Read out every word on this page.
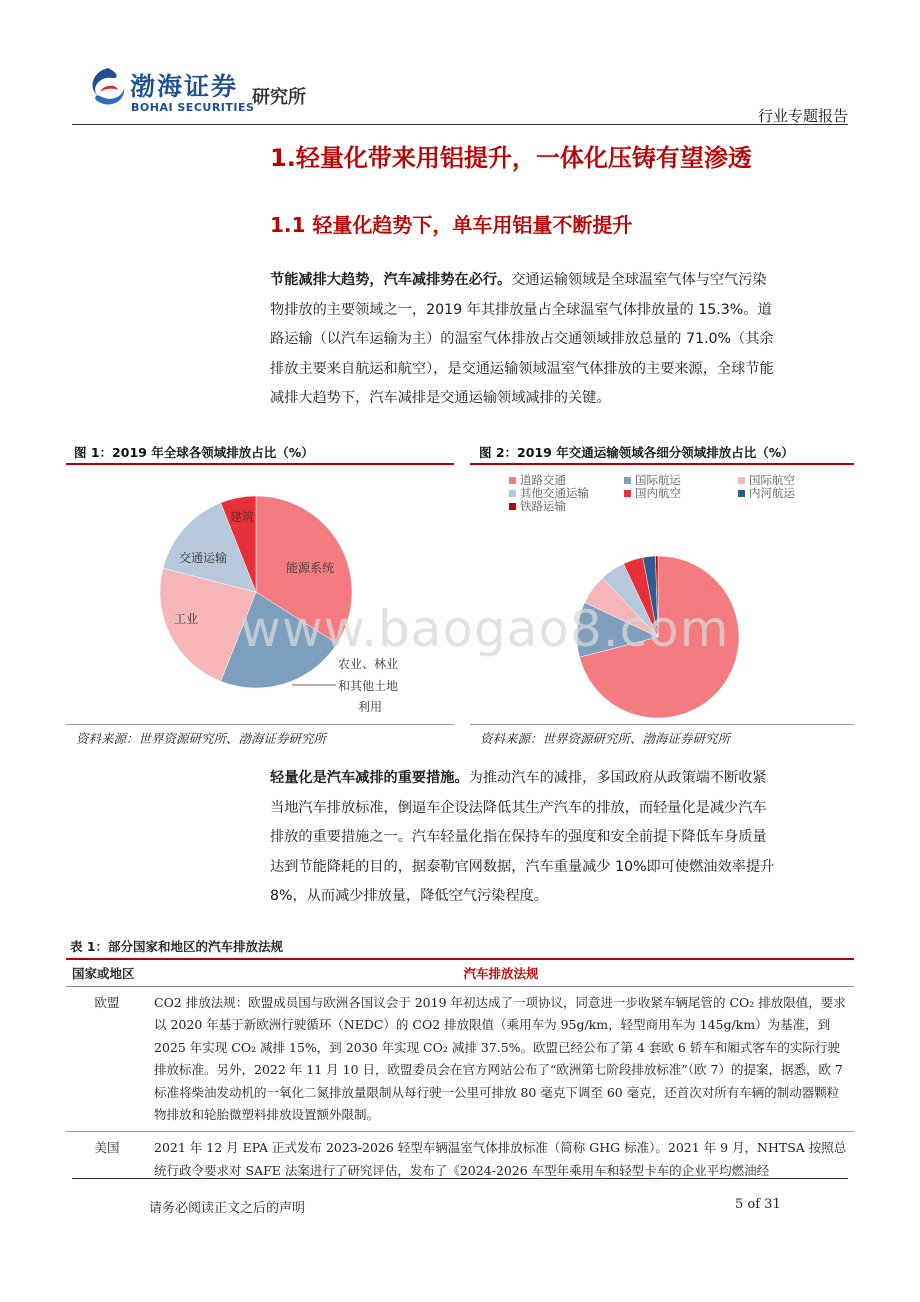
渤海证券
BOHAI SECURITIES
研究所
行业专题报告
1.轻量化带来用铝提升，一体化压铸有望渗透
1.1 轻量化趋势下，单车用铝量不断提升
节能减排大趋势，汽车减排势在必行。交通运输领域是全球温室气体与空气污染
物排放的主要领域之一，2019 年其排放量占全球温室气体排放量的 15.3%。道
路运输（以汽车运输为主）的温室气体排放占交通领域排放总量的 71.0%（其余
排放主要来自航运和航空），是交通运输领域温室气体排放的主要来源，全球节能
减排大趋势下，汽车减排是交通运输领域减排的关键。
图 1：2019 年全球各领域排放占比（%）
能源系统
农业、林业
和其他土地
利用
工业
交通运输
建筑
资料来源：世界资源研究所、渤海证券研究所
图 2：2019 年交通运输领域各细分领域排放占比（%）
道路交通	国际航运	国际航空
其他交通运输	国内航空	内河航运
铁路运输
资料来源：世界资源研究所、渤海证券研究所
www.baogao8.com
轻量化是汽车减排的重要措施。为推动汽车的减排，多国政府从政策端不断收紧
当地汽车排放标准，倒逼车企设法降低其生产汽车的排放，而轻量化是减少汽车
排放的重要措施之一。汽车轻量化指在保持车的强度和安全前提下降低车身质量
达到节能降耗的目的，据泰勒官网数据，汽车重量减少 10%即可使燃油效率提升
8%，从而减少排放量，降低空气污染程度。
表 1：部分国家和地区的汽车排放法规
国家或地区	汽车排放法规
欧盟	CO2 排放法规：欧盟成员国与欧洲各国议会于 2019 年初达成了一项协议，同意进一步收紧车辆尾管的 CO₂ 排放限值，要求以 2020 年基于新欧洲行驶循环（NEDC）的 CO2 排放限值（乘用车为 95g/km，轻型商用车为 145g/km）为基准，到 2025 年实现 CO₂ 减排 15%，到 2030 年实现 CO₂ 减排 37.5%。欧盟已经公布了第 4 套欧 6 轿车和厢式客车的实际行驶排放标准。另外，2022 年 11 月 10 日，欧盟委员会在官方网站公布了“欧洲第七阶段排放标准”（欧 7）的提案，据悉，欧 7 标准将柴油发动机的一氧化二氮排放量限制从每行驶一公里可排放 80 毫克下调至 60 毫克，还首次对所有车辆的制动器颗粒物排放和轮胎微塑料排放设置额外限制。
美国	2021 年 12 月 EPA 正式发布 2023-2026 轻型车辆温室气体排放标准（简称 GHG 标准）。2021 年 9 月，NHTSA 按照总统行政令要求对 SAFE 法案进行了研究评估，发布了《2024-2026 车型年乘用车和轻型卡车的企业平均燃油经
请务必阅读正文之后的声明	5 of 31
